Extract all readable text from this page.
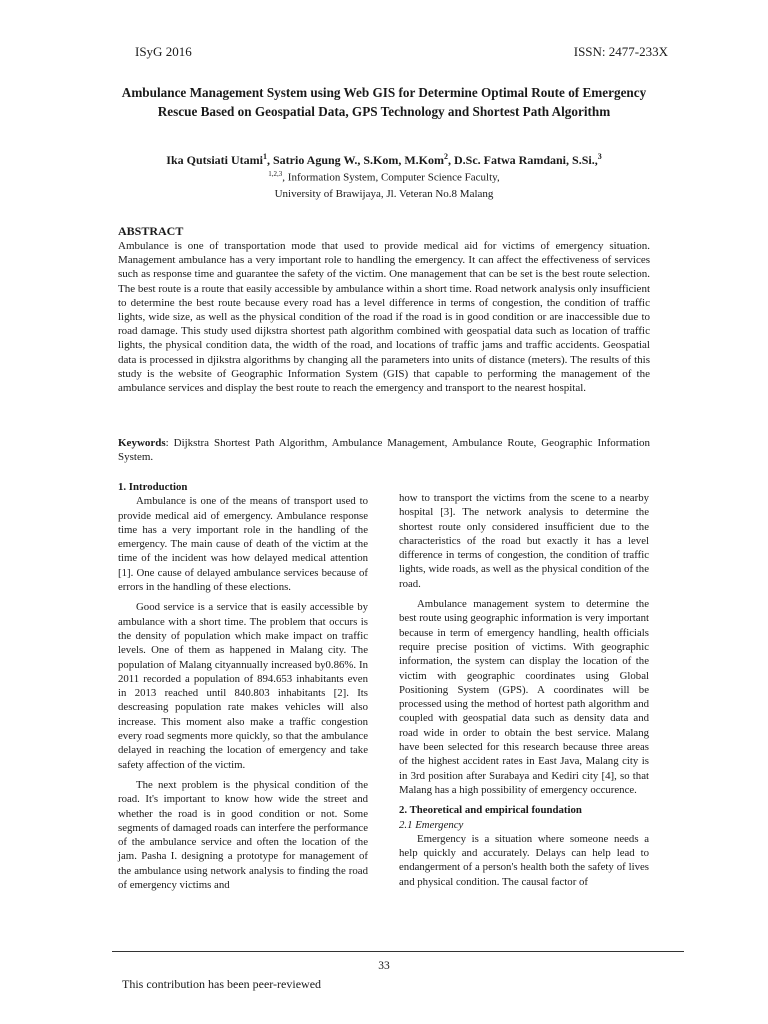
ISyG 2016	ISSN: 2477-233X
Ambulance Management System using Web GIS for Determine Optimal Route of Emergency Rescue Based on Geospatial Data, GPS Technology and Shortest Path Algorithm
Ika Qutsiati Utami$^1$, Satrio Agung W., S.Kom, M.Kom$^2$, D.Sc. Fatwa Ramdani, S.Si.,$^3$
$^{1,2,3}$, Information System, Computer Science Faculty,
University of Brawijaya, Jl. Veteran No.8 Malang
ABSTRACT

Ambulance is one of transportation mode that used to provide medical aid for victims of emergency situation. Management ambulance has a very important role to handling the emergency. It can affect the effectiveness of services such as response time and guarantee the safety of the victim. One management that can be set is the best route selection. The best route is a route that easily accessible by ambulance within a short time. Road network analysis only insufficient to determine the best route because every road has a level difference in terms of congestion, the condition of traffic lights, wide size, as well as the physical condition of the road if the road is in good condition or are inaccessible due to road damage. This study used dijkstra shortest path algorithm combined with geospatial data such as location of traffic lights, the physical condition data, the width of the road, and locations of traffic jams and traffic accidents. Geospatial data is processed in djikstra algorithms by changing all the parameters into units of distance (meters). The results of this study is the website of Geographic Information System (GIS) that capable to performing the management of the ambulance services and display the best route to reach the emergency and transport to the nearest hospital.

Keywords: Dijkstra Shortest Path Algorithm, Ambulance Management, Ambulance Route, Geographic Information System.

1. Introduction

Ambulance is one of the means of transport used to provide medical aid of emergency. Ambulance response time has a very important role in the handling of the emergency. The main cause of death of the victim at the time of the incident was how delayed medical attention [1]. One cause of delayed ambulance services because of errors in the handling of these elections.

Good service is a service that is easily accessible by ambulance with a short time. The problem that occurs is the density of population which make impact on traffic levels. One of them as happened in Malang city. The population of Malang cityannually increased by0.86%. In 2011 recorded a population of 894.653 inhabitants even in 2013 reached until 840.803 inhabitants [2]. Its descreasing population rate makes vehicles will also increase. This moment also make a traffic congestion every road segments more quickly, so that the ambulance delayed in reaching the location of emergency and take safety affection of the victim.

The next problem is the physical condition of the road. It's important to know how wide the street and whether the road is in good condition or not. Some segments of damaged roads can interfere the performance of the ambulance service and often the location of the jam. Pasha I. designing a prototype for management of the ambulance using network analysis to finding the road of emergency victims and

how to transport the victims from the scene to a nearby hospital [3]. The network analysis to determine the shortest route only considered insufficient due to the characteristics of the road but exactly it has a level difference in terms of congestion, the condition of traffic lights, wide roads, as well as the physical condition of the road.

Ambulance management system to determine the best route using geographic information is very important because in term of emergency handling, health officials require precise position of victims. With geographic information, the system can display the location of the victim with geographic coordinates using Global Positioning System (GPS). A coordinates will be processed using the method of hortest path algorithm and coupled with geospatial data such as density data and road wide in order to obtain the best service. Malang have been selected for this research because three areas of the highest accident rates in East Java, Malang city is in 3rd position after Surabaya and Kediri city [4], so that Malang has a high possibility of emergency occurence.

2. Theoretical and empirical foundation
2.1 Emergency

Emergency is a situation where someone needs a help quickly and accurately. Delays can help lead to endangerment of a person's health both the safety of lives and physical condition. The causal factor of

33
This contribution has been peer-reviewed
